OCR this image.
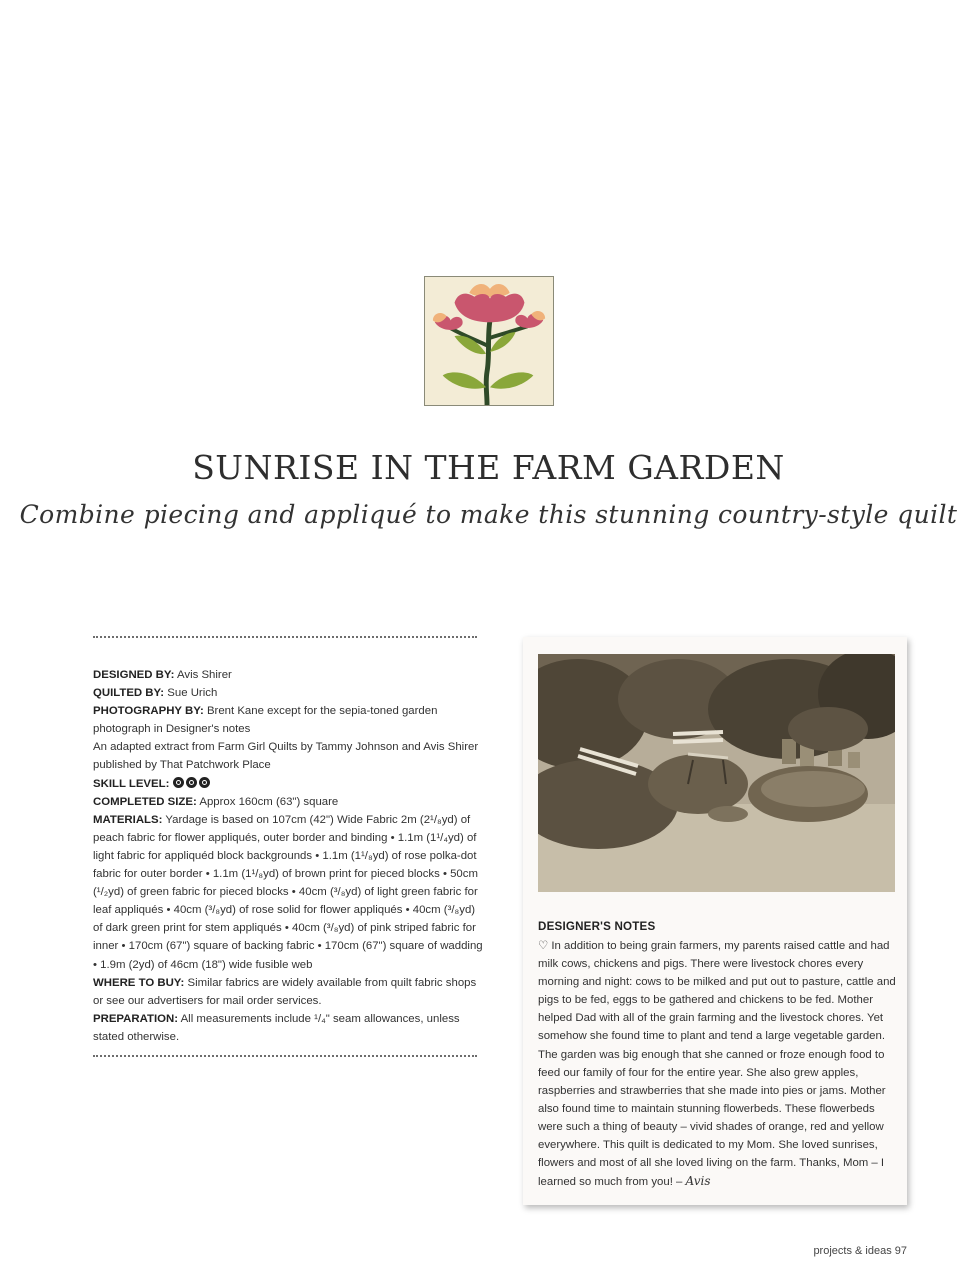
SUNRISE IN THE FARM GARDEN

Combine piecing and appliqué to make this stunning country-style quilt

DESIGNED BY: Avis Shirer

QUILTED BY: Sue Urich

PHOTOGRAPHY BY: Brent Kane except for the sepia-toned garden photograph in Designer's notes

An adapted extract from Farm Girl Quilts by Tammy Johnson and Avis Shirer published by That Patchwork Place

SKILL LEVEL:

COMPLETED SIZE: Approx 160cm (63") square

MATERIALS: Yardage is based on 107cm (42") Wide Fabric 2m (2¹/₈yd) of peach fabric for flower appliqués, outer border and binding • 1.1m (1¹/₄yd) of light fabric for appliquéd block backgrounds • 1.1m (1¹/₈yd) of rose polka-dot fabric for outer border • 1.1m (1¹/₈yd) of brown print for pieced blocks • 50cm (¹/₂yd) of green fabric for pieced blocks • 40cm (³/₈yd) of light green fabric for leaf appliqués • 40cm (³/₈yd) of rose solid for flower appliqués • 40cm (³/₈yd) of dark green print for stem appliqués • 40cm (³/₈yd) of pink striped fabric for inner • 170cm (67") square of backing fabric • 170cm (67") square of wadding • 1.9m (2yd) of 46cm (18") wide fusible web

WHERE TO BUY: Similar fabrics are widely available from quilt fabric shops or see our advertisers for mail order services.

PREPARATION: All measurements include ¹/₄" seam allowances, unless stated otherwise.

DESIGNER'S NOTES

♡ In addition to being grain farmers, my parents raised cattle and had milk cows, chickens and pigs. There were livestock chores every morning and night: cows to be milked and put out to pasture, cattle and pigs to be fed, eggs to be gathered and chickens to be fed. Mother helped Dad with all of the grain farming and the livestock chores. Yet somehow she found time to plant and tend a large vegetable garden. The garden was big enough that she canned or froze enough food to feed our family of four for the entire year. She also grew apples, raspberries and strawberries that she made into pies or jams. Mother also found time to maintain stunning flowerbeds. These flowerbeds were such a thing of beauty – vivid shades of orange, red and yellow everywhere. This quilt is dedicated to my Mom. She loved sunrises, flowers and most of all she loved living on the farm. Thanks, Mom – I learned so much from you! – Avis

projects & ideas 97
